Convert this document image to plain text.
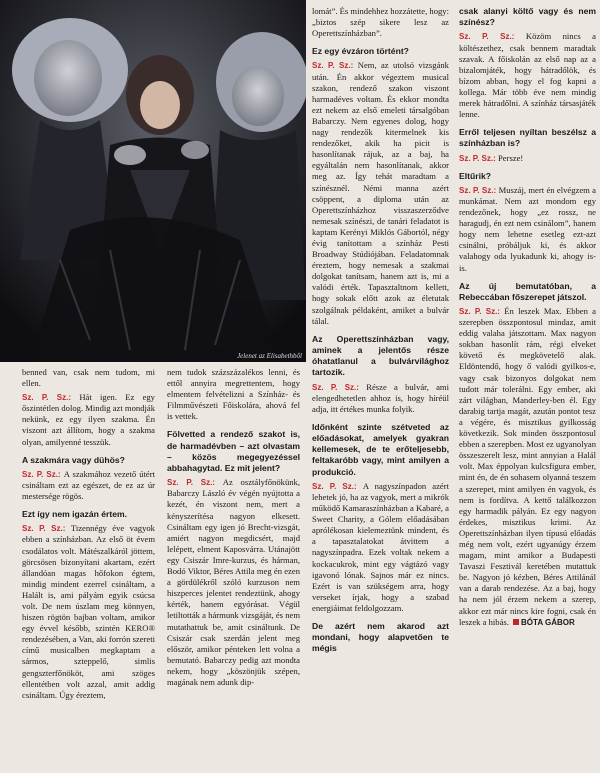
Jelenet az Elisabethből

benned van, csak nem tudom, mi ellen.

Sz. P. Sz.: Hát igen. Ez egy őszintétlen dolog. Mindig azt mondják nekünk, ez egy ilyen szakma. Én viszont azt állítom, hogy a szakma olyan, amilyenné tesszük.

A szakmára vagy dühös?

Sz. P. Sz.: A szakmához vezető útért csináltam ezt az egészet, de ez az úr mestersége rögös.

Ezt így nem igazán értem.

Sz. P. Sz.: Tizennégy éve vagyok ebben a színházban. Az első öt évem csodálatos volt. Mátészalkáról jöttem, görcsösen bizonyítani akartam, ezért állandóan magas hőfokon égtem, mindig mindent ezerrel csináltam, a Halált is, ami pályám egyik csúcsa volt. De nem úszlam meg könnyen, hiszen rögtön bajban voltam, amikor egy évvel később, szintén KERO® rendezésében, a Van, aki forrón szereti című musicalben megkaptam a sármos, szteppelő, simlis gengszterfőnököt, ami szöges ellentétben volt azzal, amit addig csináltam. Úgy éreztem,

nem tudok százszázalékos lenni, és ettől annyira megrettentem, hogy elmentem felvételizni a Színház- és Filmművészeti Főiskolára, ahová fel is vettek.

Fölvetted a rendező szakot is, de harmadévben – azt olvastam – közös megegyezéssel abbahagytad. Ez mit jelent?

Sz. P. Sz.: Az osztályfőnökünk, Babarczy László év végén nyújtotta a kezét, én viszont nem, mert a kényszerítésa nagyon elkesett. Csináltam egy igen jó Brecht-vizsgát, amiért nagyon megdicsért, majd lelépett, elment Kaposvárra. Utánajött egy Csiszár Imre-kurzus, és hárman, Bodó Viktor, Béres Attila meg én ezen a gördülékről szóló kurzuson nem hiszperces jelentet rendeztünk, ahogy kérték, hanem egyórásat. Végül letiltották a hármunk vizsgáját, és nem mutathattuk be, amit csináltunk. De Csiszár csak szerdán jelent meg először, amikor pénteken lett volna a bemutató. Babarczy pedig azt mondta nekem, hogy „köszönjük szépen, magának nem adunk dip-

lomát”. És mindehhez hozzátette, hogy: „biztos szép sikere lesz az Operettszínházban”.

Ez egy évzáron történt?

Sz. P. Sz.: Nem, az utolsó vizsgánk után. Én akkor végeztem musical szakon, rendező szakon viszont harmadéves voltam. És ekkor mondta ezt nekem az első emeleti társalgóban Babarczy. Nem egyenes dolog, hogy nagy rendezők kitermelnek kis rendezőket, akik ha picit is hasonlítanak rájuk, az a baj, ha egyáltalán nem hasonlítanak, akkor meg az. Így tehát maradtam a színésznél. Némi manna azért csöppent, a diploma után az Operettszínházhoz visszaszerződve nemesak színészi, de tanári feladatot is kaptam Kerényi Miklós Gábortól, négy évig tanítottam a színház Pesti Broadway Stúdiójában. Feladatomnak éreztem, hogy nemesak a szakmai dolgokat tanítsam, hanem azt is, mi a valódi érték. Tapasztaltnom kellett, hogy sokak előtt azok az életutak szolgálnak példaként, amiket a bulvár tálal.

Az Operettszínházban vagy, aminek a jelentős része óhatatlanul a bulvárvilághoz tartozik.

Sz. P. Sz.: Része a bulvár, ami elengedhetetlen ahhoz is, hogy híréül adja, itt értékes munka folyik.

Időnként szinte szétveted az előadásokat, amelyek gyakran kellemesek, de te erőteljesebb, feltakaróbb vagy, mint amilyen a produkció.

Sz. P. Sz.: A nagyszínpadon azért lehetek jó, ha az vagyok, mert a mikrók működő Kamaraszínházban a Kabaré, a Sweet Charity, a Gólem előadásában aprólékosan kielemeztünk mindent, és a tapasztalatokat átvittem a nagyszínpadra. Ezek voltak nekem a kockacukrok, mint egy vágtázó vagy igavonó lónak. Sajnos már ez nincs. Ezért is van szükségem arra, hogy verseket írjak, hogy a szabad energiáimat feldolgozzam.

De azért nem akarod azt mondani, hogy alapvetően te mégis

csak alanyi költő vagy és nem színész?

Sz. P. Sz.: Közöm nincs a költészethez, csak bennem maradtak szavak. A főiskolán az első nap az a bizalomjáték, hogy hátradőlök, és bízom abban, hogy el fog kapni a kollega. Már több éve nem mindig merek hátradőlni. A színház társasjáték lenne.

Erről teljesen nyíltan beszélsz a színházban is?

Sz. P. Sz.: Persze!

Eltűrik?

Sz. P. Sz.: Muszáj, mert én elvégzem a munkámat. Nem azt mondom egy rendezőnek, hogy „ez rossz, ne haragudj, én ezt nem csinálom”, hanem hogy nem lehetne esetleg ezt-azt csinálni, próbáljuk ki, és akkor valahogy oda lyukadunk ki, ahogy is-is.

Az új bemutatóban, a Rebeccában főszerepet játszol.

Sz. P. Sz.: Én leszek Max. Ebben a szerepben összpontosul mindaz, amit eddig valaha játszottam. Max nagyon sokban hasonlít rám, régi elveket követő és megkövetelő alak. Eldöntendő, hogy ő valódi gyilkos-e, vagy csak bizonyos dolgokat nem tudott már tolerálni. Egy ember, aki zárt világban, Manderley-ben él. Egy darabig tartja magát, azután pontot tesz a végére, és misztikus gyilkosság következik. Sok minden összpontosul ebben a szerepben. Most ez ugyanolyan összeszerelt lesz, mint annyian a Halál volt. Max éppolyan kulcsfigura ember, mint én, de én sohasem olyanná teszem a szerepet, mint amilyen én vagyok, és nem is fordítva. A kettő találkozzon egy harmadik pályán. Ez egy nagyon érdekes, misztikus krimi. Az Operettszínházban ilyen típusú előadás még nem volt, ezért ugyanúgy érzem magam, mint amikor a Budapesti Tavaszi Fesztivál keretében mutattuk be. Nagyon jó kézben, Béres Attilánál van a darab rendezése. Az a baj, hogy ha nem jól érzem nekem a szerep, akkor ezt már nincs kire fogni, csak én leszek a hibás. BÓTA GÁBOR
